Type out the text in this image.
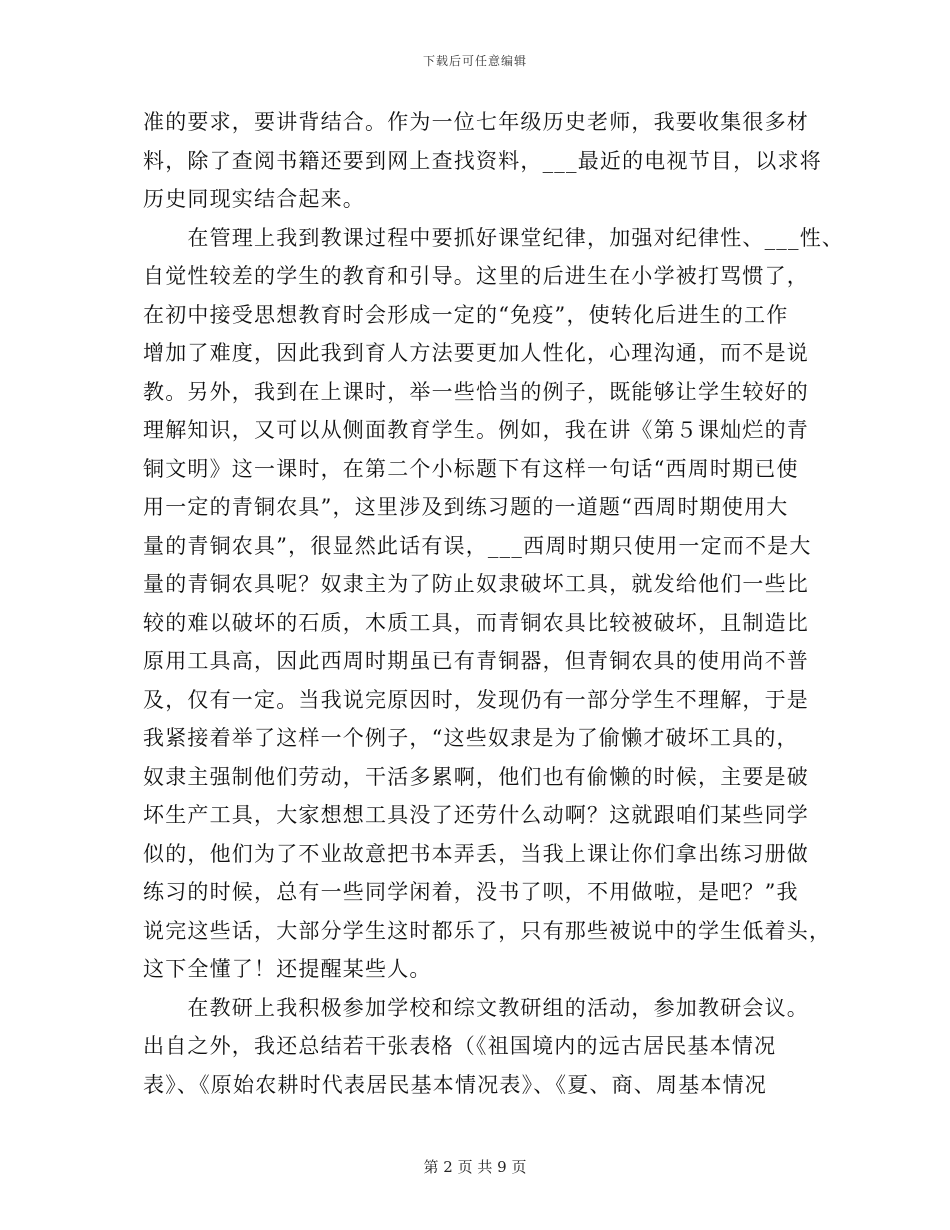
下载后可任意编辑
准的要求，要讲背结合。作为一位七年级历史老师，我要收集很多材
料，除了查阅书籍还要到网上查找资料，___最近的电视节目，以求将
历史同现实结合起来。
　　在管理上我到教课过程中要抓好课堂纪律，加强对纪律性、___性、
自觉性较差的学生的教育和引导。这里的后进生在小学被打骂惯了，
在初中接受思想教育时会形成一定的“免疫”，使转化后进生的工作
增加了难度，因此我到育人方法要更加人性化，心理沟通，而不是说
教。另外，我到在上课时，举一些恰当的例子，既能够让学生较好的
理解知识，又可以从侧面教育学生。例如，我在讲《第５课灿烂的青
铜文明》这一课时，在第二个小标题下有这样一句话“西周时期已使
用一定的青铜农具”，这里涉及到练习题的一道题“西周时期使用大
量的青铜农具”，很显然此话有误，___西周时期只使用一定而不是大
量的青铜农具呢？奴隶主为了防止奴隶破坏工具，就发给他们一些比
较的难以破坏的石质，木质工具，而青铜农具比较被破坏，且制造比
原用工具高，因此西周时期虽已有青铜器，但青铜农具的使用尚不普
及，仅有一定。当我说完原因时，发现仍有一部分学生不理解，于是
我紧接着举了这样一个例子，“这些奴隶是为了偷懒才破坏工具的，
奴隶主强制他们劳动，干活多累啊，他们也有偷懒的时候，主要是破
坏生产工具，大家想想工具没了还劳什么动啊？这就跟咱们某些同学
似的，他们为了不业故意把书本弄丢，当我上课让你们拿出练习册做
练习的时候，总有一些同学闲着，没书了呗，不用做啦，是吧？”我
说完这些话，大部分学生这时都乐了，只有那些被说中的学生低着头，
这下全懂了！还提醒某些人。
　　在教研上我积极参加学校和综文教研组的活动，参加教研会议。
出自之外，我还总结若干张表格（《祖国境内的远古居民基本情况
表》、《原始农耕时代表居民基本情况表》、《夏、商、周基本情况
第 2 页 共 9 页
